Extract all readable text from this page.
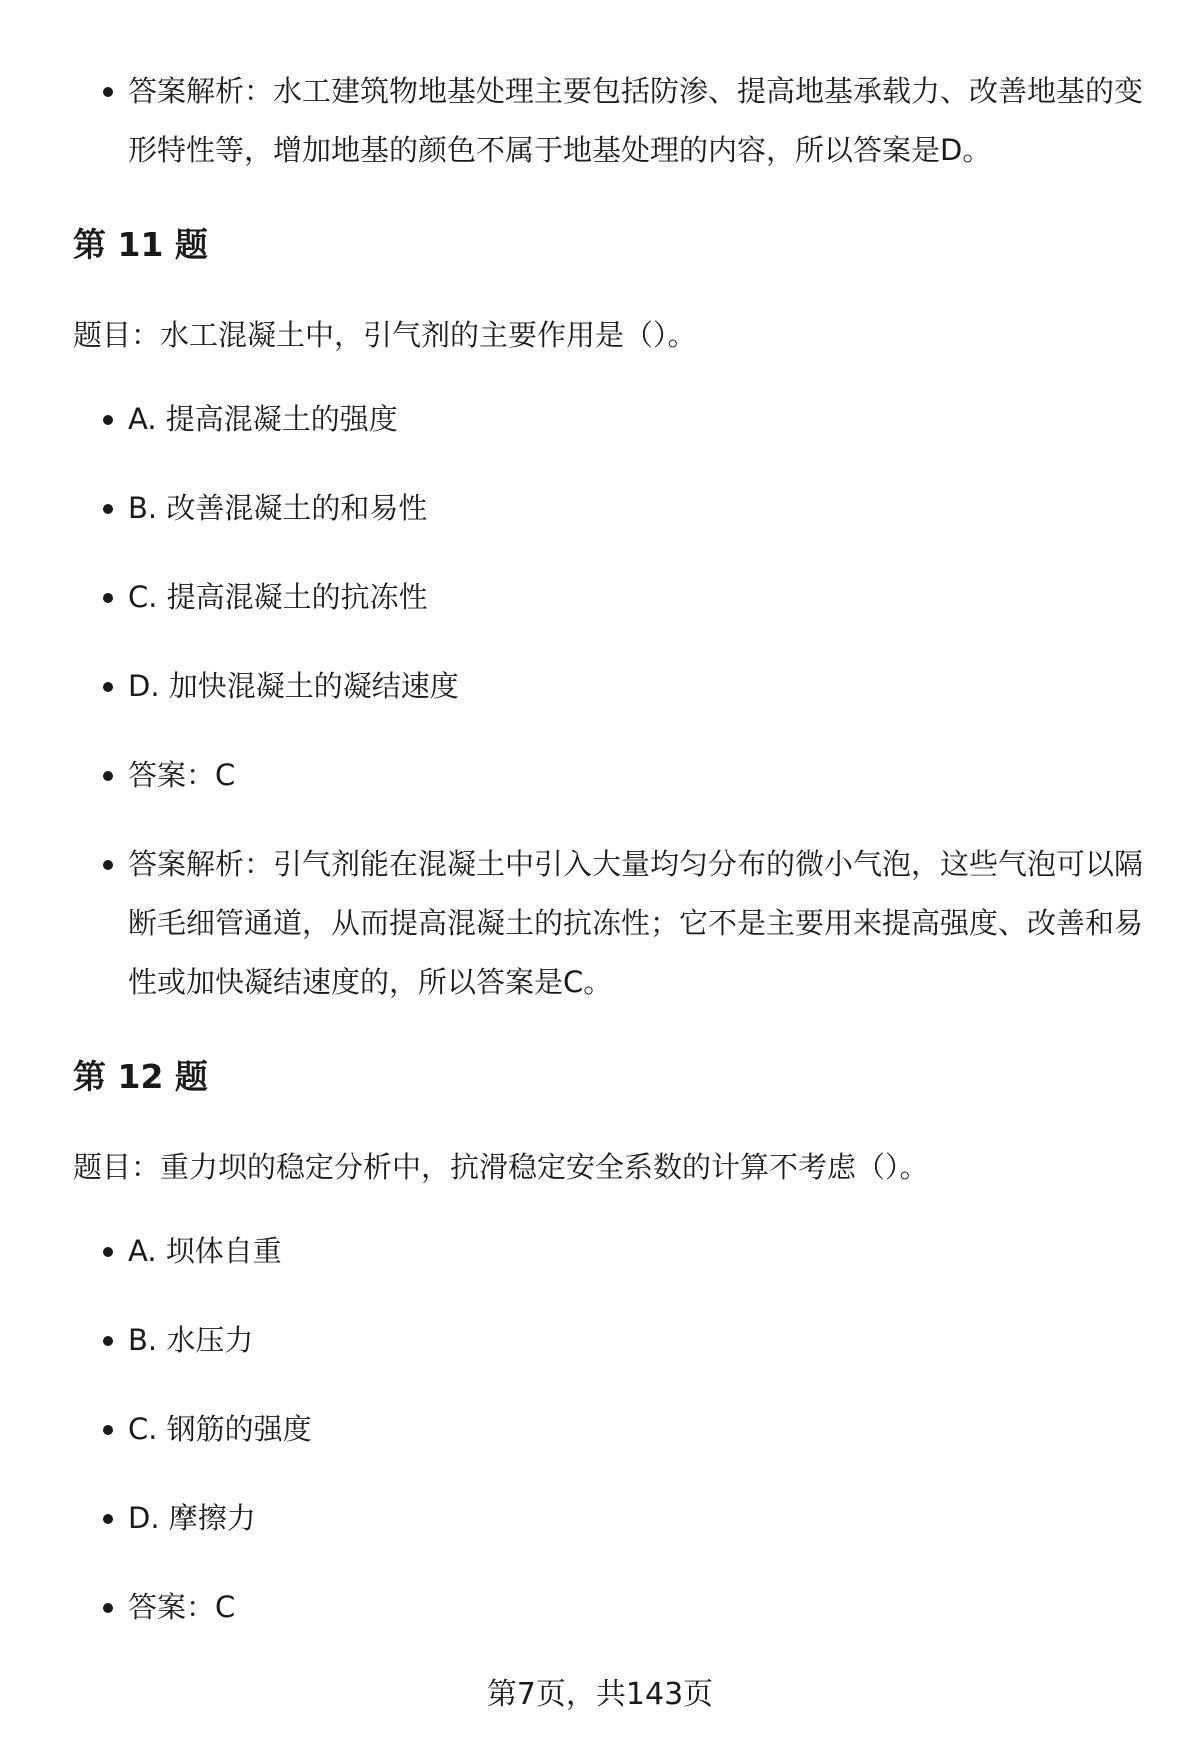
答案解析：水工建筑物地基处理主要包括防渗、提高地基承载力、改善地基的变形特性等，增加地基的颜色不属于地基处理的内容，所以答案是D。
第 11 题

题目：水工混凝土中，引气剂的主要作用是（）。

A. 提高混凝土的强度
B. 改善混凝土的和易性
C. 提高混凝土的抗冻性
D. 加快混凝土的凝结速度
答案：C
答案解析：引气剂能在混凝土中引入大量均匀分布的微小气泡，这些气泡可以隔断毛细管通道，从而提高混凝土的抗冻性；它不是主要用来提高强度、改善和易性或加快凝结速度的，所以答案是C。
第 12 题

题目：重力坝的稳定分析中，抗滑稳定安全系数的计算不考虑（）。

A. 坝体自重
B. 水压力
C. 钢筋的强度
D. 摩擦力
答案：C
第7页，共143页
